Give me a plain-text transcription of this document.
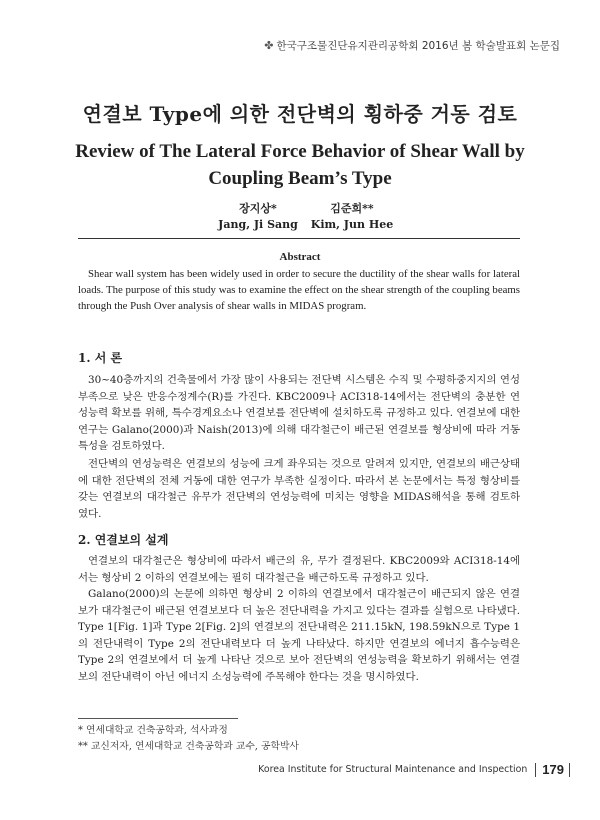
✤ 한국구조물진단유지관리공학회 2016년 봄 학술발표회 논문집
연결보 Type에 의한 전단벽의 횡하중 거동 검토
Review of The Lateral Force Behavior of Shear Wall by Coupling Beam’s Type
장지상*
Jang, Ji Sang
김준희**
Kim, Jun Hee
Abstract

Shear wall system has been widely used in order to secure the ductility of the shear walls for lateral loads. The purpose of this study was to examine the effect on the shear strength of the coupling beams through the Push Over analysis of shear walls in MIDAS program.

1. 서 론

30~40층까지의 건축물에서 가장 많이 사용되는 전단벽 시스템은 수직 및 수평하중지지의 연성 부족으로 낮은 반응수정계수(R)를 가진다. KBC2009나 ACI318-14에서는 전단벽의 충분한 연성능력 확보를 위해, 특수경계요소나 연결보를 전단벽에 설치하도록 규정하고 있다. 연결보에 대한 연구는 Galano(2000)과 Naish(2013)에 의해 대각철근이 배근된 연결보를 형상비에 따라 거동특성을 검토하였다.

전단벽의 연성능력은 연결보의 성능에 크게 좌우되는 것으로 알려져 있지만, 연결보의 배근상태에 대한 전단벽의 전체 거동에 대한 연구가 부족한 실정이다. 따라서 본 논문에서는 특정 형상비를 갖는 연결보의 대각철근 유무가 전단벽의 연성능력에 미치는 영향을 MIDAS해석을 통해 검토하였다.

2. 연결보의 설계

연결보의 대각철근은 형상비에 따라서 배근의 유, 무가 결정된다. KBC2009와 ACI318-14에서는 형상비 2 이하의 연결보에는 필히 대각철근을 배근하도록 규정하고 있다.

Galano(2000)의 논문에 의하면 형상비 2 이하의 연결보에서 대각철근이 배근되지 않은 연결보가 대각철근이 배근된 연결보보다 더 높은 전단내력을 가지고 있다는 결과를 실험으로 나타냈다. Type 1[Fig. 1]과 Type 2[Fig. 2]의 연결보의 전단내력은 211.15kN, 198.59kN으로 Type 1의 전단내력이 Type 2의 전단내력보다 더 높게 나타났다. 하지만 연결보의 에너지 흡수능력은 Type 2의 연결보에서 더 높게 나타난 것으로 보아 전단벽의 연성능력을 확보하기 위해서는 연결보의 전단내력이 아닌 에너지 소성능력에 주목해야 한다는 것을 명시하였다.

* 연세대학교 건축공학과, 석사과정
** 교신저자, 연세대학교 건축공학과 교수, 공학박사
Korea Institute for Structural Maintenance and Inspection	179
